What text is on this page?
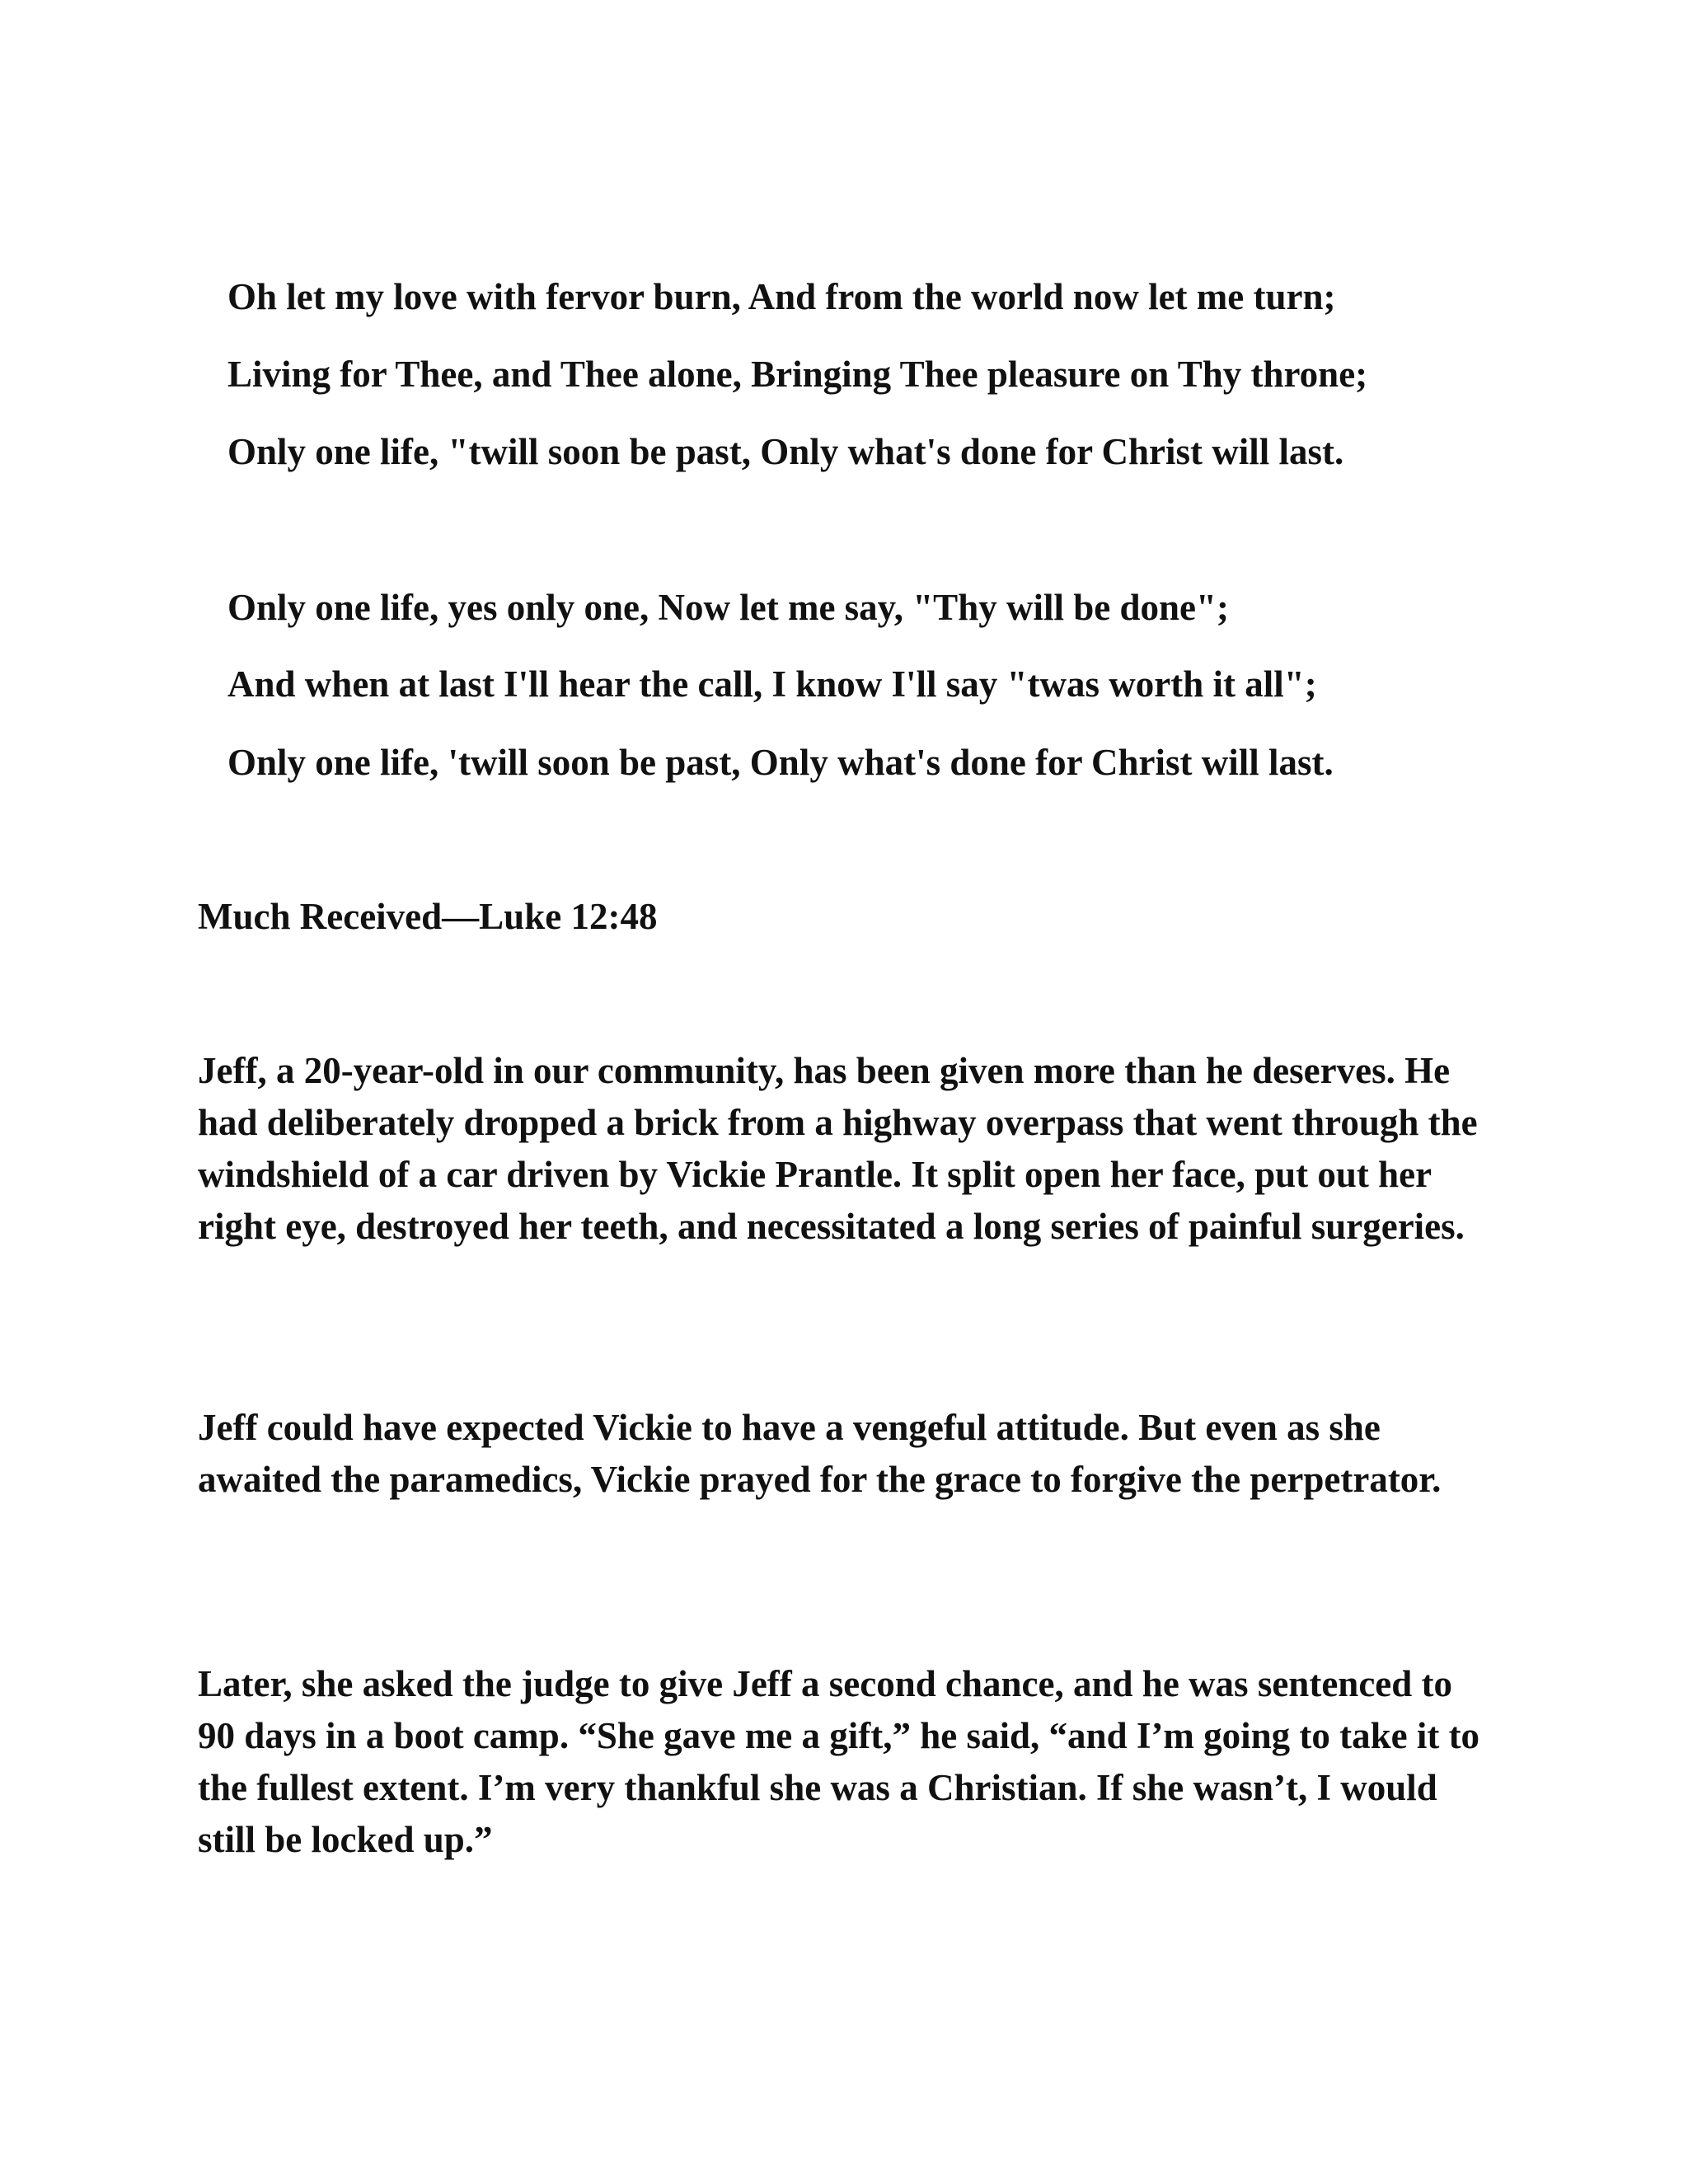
Oh let my love with fervor burn, And from the world now let me turn;
Living for Thee, and Thee alone, Bringing Thee pleasure on Thy throne;
Only one life, "twill soon be past, Only what's done for Christ will last.
Only one life, yes only one, Now let me say, "Thy will be done";
And when at last I'll hear the call, I know I'll say "twas worth it all";
Only one life, 'twill soon be past, Only what's done for Christ will last.
Much Received—Luke 12:48
Jeff, a 20-year-old in our community, has been given more than he deserves. He had deliberately dropped a brick from a highway overpass that went through the windshield of a car driven by Vickie Prantle. It split open her face, put out her right eye, destroyed her teeth, and necessitated a long series of painful surgeries.
Jeff could have expected Vickie to have a vengeful attitude. But even as she awaited the paramedics, Vickie prayed for the grace to forgive the perpetrator.
Later, she asked the judge to give Jeff a second chance, and he was sentenced to 90 days in a boot camp. “She gave me a gift,” he said, “and I’m going to take it to the fullest extent. I’m very thankful she was a Christian. If she wasn’t, I would still be locked up.”
